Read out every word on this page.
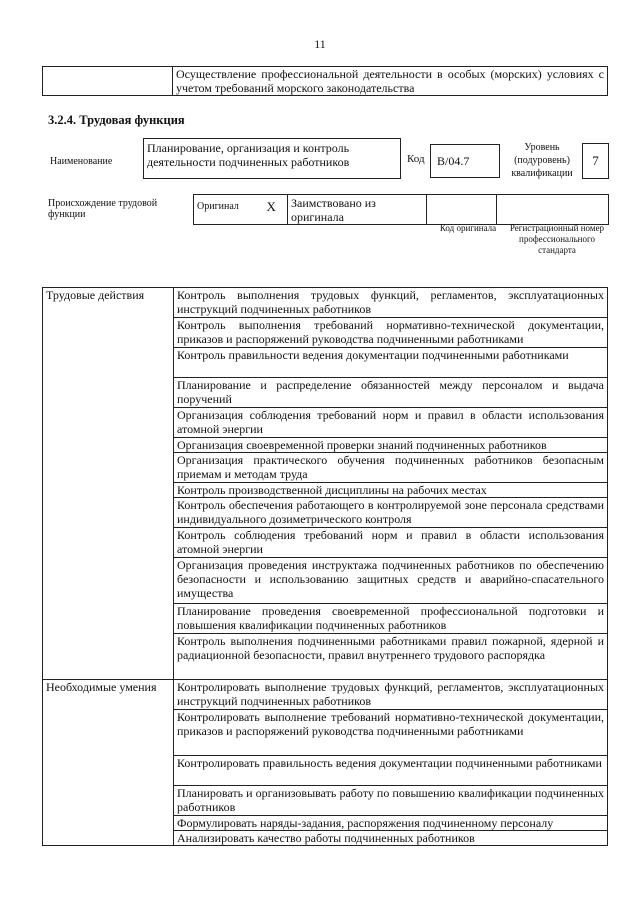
11
	Осуществление профессиональной деятельности в особых (морских) условиях с учетом требований морского законодательства
3.2.4. Трудовая функция
Наименование
Планирование, организация и контроль деятельности подчиненных работников	Код	B/04.7
Уровень (подуровень) квалификации
7
Происхождение трудовой функции
Оригинал	X	Заимствовано из оригинала		
Код оригинала	Регистрационный номер профессионального стандарта
Трудовые действия	Контроль выполнения трудовых функций, регламентов, эксплуатационных инструкций подчиненных работников
	Контроль выполнения требований нормативно-технической документации, приказов и распоряжений руководства подчиненными работниками
	Контроль правильности ведения документации подчиненными работниками
	Планирование и распределение обязанностей между персоналом и выдача поручений
	Организация соблюдения требований норм и правил в области использования атомной энергии
	Организация своевременной проверки знаний подчиненных работников
	Организация практического обучения подчиненных работников безопасным приемам и методам труда
	Контроль производственной дисциплины на рабочих местах
	Контроль обеспечения работающего в контролируемой зоне персонала средствами индивидуального дозиметрического контроля
	Контроль соблюдения требований норм и правил в области использования атомной энергии
	Организация проведения инструктажа подчиненных работников по обеспечению безопасности и использованию защитных средств и аварийно-спасательного имущества
	Планирование проведения своевременной профессиональной подготовки и повышения квалификации подчиненных работников
	Контроль выполнения подчиненными работниками правил пожарной, ядерной и радиационной безопасности, правил внутреннего трудового распорядка
Необходимые умения	Контролировать выполнение трудовых функций, регламентов, эксплуатационных инструкций подчиненных работников
	Контролировать выполнение требований нормативно-технической документации, приказов и распоряжений руководства подчиненными работниками
	Контролировать правильность ведения документации подчиненными работниками
	Планировать и организовывать работу по повышению квалификации подчиненных работников
	Формулировать наряды-задания, распоряжения подчиненному персоналу
	Анализировать качество работы подчиненных работников
